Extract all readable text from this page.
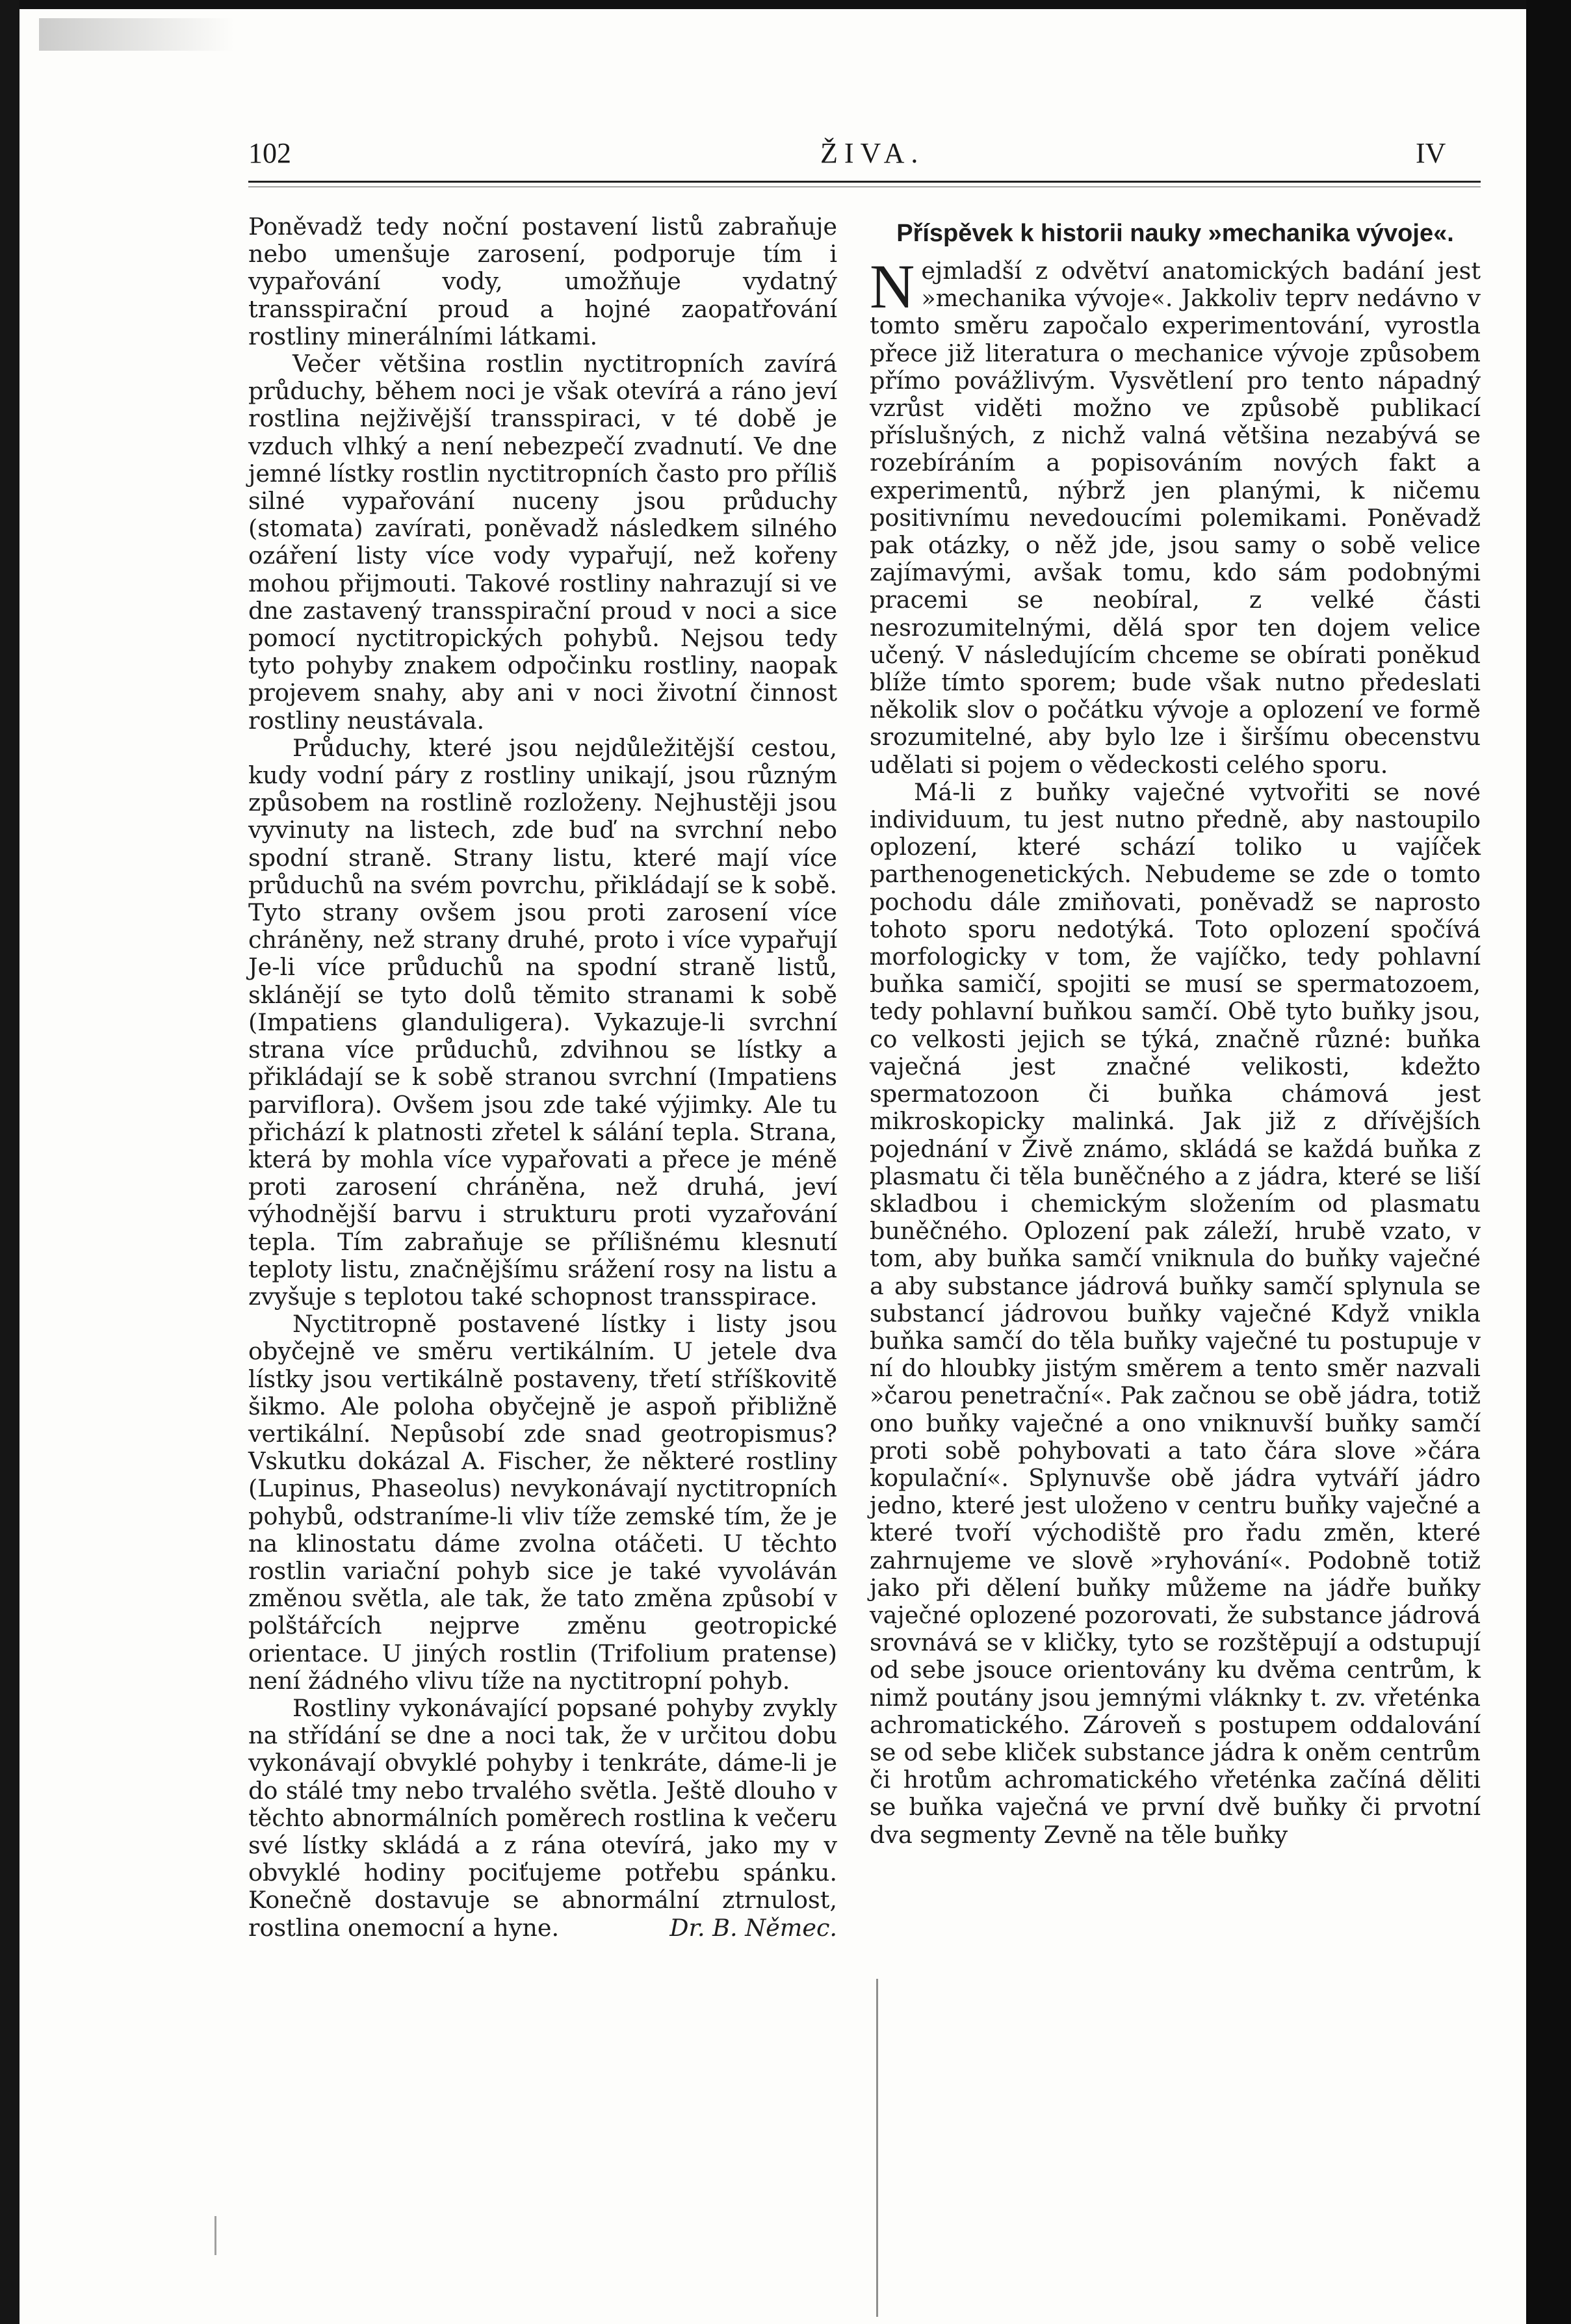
102	ŽIVA.	IV

Poněvadž tedy noční postavení listů zabraňuje nebo umenšuje zarosení, podporuje tím i vypařování vody, umožňuje vydatný transspirační proud a hojné zaopatřování rostliny minerálními látkami.

Večer většina rostlin nyctitropních zavírá průduchy, během noci je však otevírá a ráno jeví rostlina nejživější transspiraci, v té době je vzduch vlhký a není nebezpečí zvadnutí. Ve dne jemné lístky rostlin nyctitropních často pro příliš silné vypařování nuceny jsou průduchy (stomata) zavírati, poněvadž následkem silného ozáření listy více vody vypařují, než kořeny mohou přijmouti. Takové rostliny nahrazují si ve dne zastavený transspirační proud v noci a sice pomocí nyctitropických pohybů. Nejsou tedy tyto pohyby znakem odpočinku rostliny, naopak projevem snahy, aby ani v noci životní činnost rostliny neustávala.

Průduchy, které jsou nejdůležitější cestou, kudy vodní páry z rostliny unikají, jsou různým způsobem na rostlině rozloženy. Nejhustěji jsou vyvinuty na listech, zde buď na svrchní nebo spodní straně. Strany listu, které mají více průduchů na svém povrchu, přikládají se k sobě. Tyto strany ovšem jsou proti zarosení více chráněny, než strany druhé, proto i více vypařují Je-li více průduchů na spodní straně listů, sklánějí se tyto dolů těmito stranami k sobě (Impatiens glanduligera). Vykazuje-li svrchní strana více průduchů, zdvihnou se lístky a přikládají se k sobě stranou svrchní (Impatiens parviflora). Ovšem jsou zde také výjimky. Ale tu přichází k platnosti zřetel k sálání tepla. Strana, která by mohla více vypařovati a přece je méně proti zarosení chráněna, než druhá, jeví výhodnější barvu i strukturu proti vyzařování tepla. Tím zabraňuje se přílišnému klesnutí teploty listu, značnějšímu srážení rosy na listu a zvyšuje s teplotou také schopnost transspirace.

Nyctitropně postavené lístky i listy jsou obyčejně ve směru vertikálním. U jetele dva lístky jsou vertikálně postaveny, třetí stříškovitě šikmo. Ale poloha obyčejně je aspoň přibližně vertikální. Nepůsobí zde snad geotropismus? Vskutku dokázal A. Fischer, že některé rostliny (Lupinus, Phaseolus) nevykonávají nyctitropních pohybů, odstraníme-li vliv tíže zemské tím, že je na klinostatu dáme zvolna otáčeti. U těchto rostlin variační pohyb sice je také vyvoláván změnou světla, ale tak, že tato změna způsobí v polštářcích nejprve změnu geotropické orientace. U jiných rostlin (Trifolium pratense) není žádného vlivu tíže na nyctitropní pohyb.

Rostliny vykonávající popsané pohyby zvykly na střídání se dne a noci tak, že v určitou dobu vykonávají obvyklé pohyby i tenkráte, dáme-li je do stálé tmy nebo trvalého světla. Ještě dlouho v těchto abnormálních poměrech rostlina k večeru své lístky skládá a z rána otevírá, jako my v obvyklé hodiny pociťujeme potřebu spánku. Konečně dostavuje se abnormální ztrnulost, rostlina onemocní a hyne.	Dr. B. Němec.

Příspěvek k historii nauky »mechanika vývoje«.

Nejmladší z odvětví anatomických badání jest »mechanika vývoje«. Jakkoliv teprv nedávno v tomto směru započalo experimentování, vyrostla přece již literatura o mechanice vývoje způsobem přímo povážlivým. Vysvětlení pro tento nápadný vzrůst viděti možno ve způsobě publikací příslušných, z nichž valná většina nezabývá se rozebíráním a popisováním nových fakt a experimentů, nýbrž jen planými, k ničemu positivnímu nevedoucími polemikami. Poněvadž pak otázky, o něž jde, jsou samy o sobě velice zajímavými, avšak tomu, kdo sám podobnými pracemi se neobíral, z velké části nesrozumitelnými, dělá spor ten dojem velice učený. V následujícím chceme se obírati poněkud blíže tímto sporem; bude však nutno předeslati několik slov o počátku vývoje a oplození ve formě srozumitelné, aby bylo lze i širšímu obecenstvu udělati si pojem o vědeckosti celého sporu.

Má-li z buňky vaječné vytvořiti se nové individuum, tu jest nutno předně, aby nastoupilo oplození, které schází toliko u vajíček parthenogenetických. Nebudeme se zde o tomto pochodu dále zmiňovati, poněvadž se naprosto tohoto sporu nedotýká. Toto oplození spočívá morfologicky v tom, že vajíčko, tedy pohlavní buňka samičí, spojiti se musí se spermatozoem, tedy pohlavní buňkou samčí. Obě tyto buňky jsou, co velkosti jejich se týká, značně různé: buňka vaječná jest značné velikosti, kdežto spermatozoon či buňka chámová jest mikroskopicky malinká. Jak již z dřívějších pojednání v Živě známo, skládá se každá buňka z plasmatu či těla buněčného a z jádra, které se liší skladbou i chemickým složením od plasmatu buněčného. Oplození pak záleží, hrubě vzato, v tom, aby buňka samčí vniknula do buňky vaječné a aby substance jádrová buňky samčí splynula se substancí jádrovou buňky vaječné Když vnikla buňka samčí do těla buňky vaječné tu postupuje v ní do hloubky jistým směrem a tento směr nazvali »čarou penetrační«. Pak začnou se obě jádra, totiž ono buňky vaječné a ono vniknuvší buňky samčí proti sobě pohybovati a tato čára slove »čára kopulační«. Splynuvše obě jádra vytváří jádro jedno, které jest uloženo v centru buňky vaječné a které tvoří východiště pro řadu změn, které zahrnujeme ve slově »ryhování«. Podobně totiž jako při dělení buňky můžeme na jádře buňky vaječné oplozené pozorovati, že substance jádrová srovnává se v kličky, tyto se rozštěpují a odstupují od sebe jsouce orientovány ku dvěma centrům, k nimž poutány jsou jemnými vláknky t. zv. vřeténka achromatického. Zároveň s postupem oddalování se od sebe kliček substance jádra k oněm centrům či hrotům achromatického vřeténka začíná děliti se buňka vaječná ve první dvě buňky či prvotní dva segmenty Zevně na těle buňky
